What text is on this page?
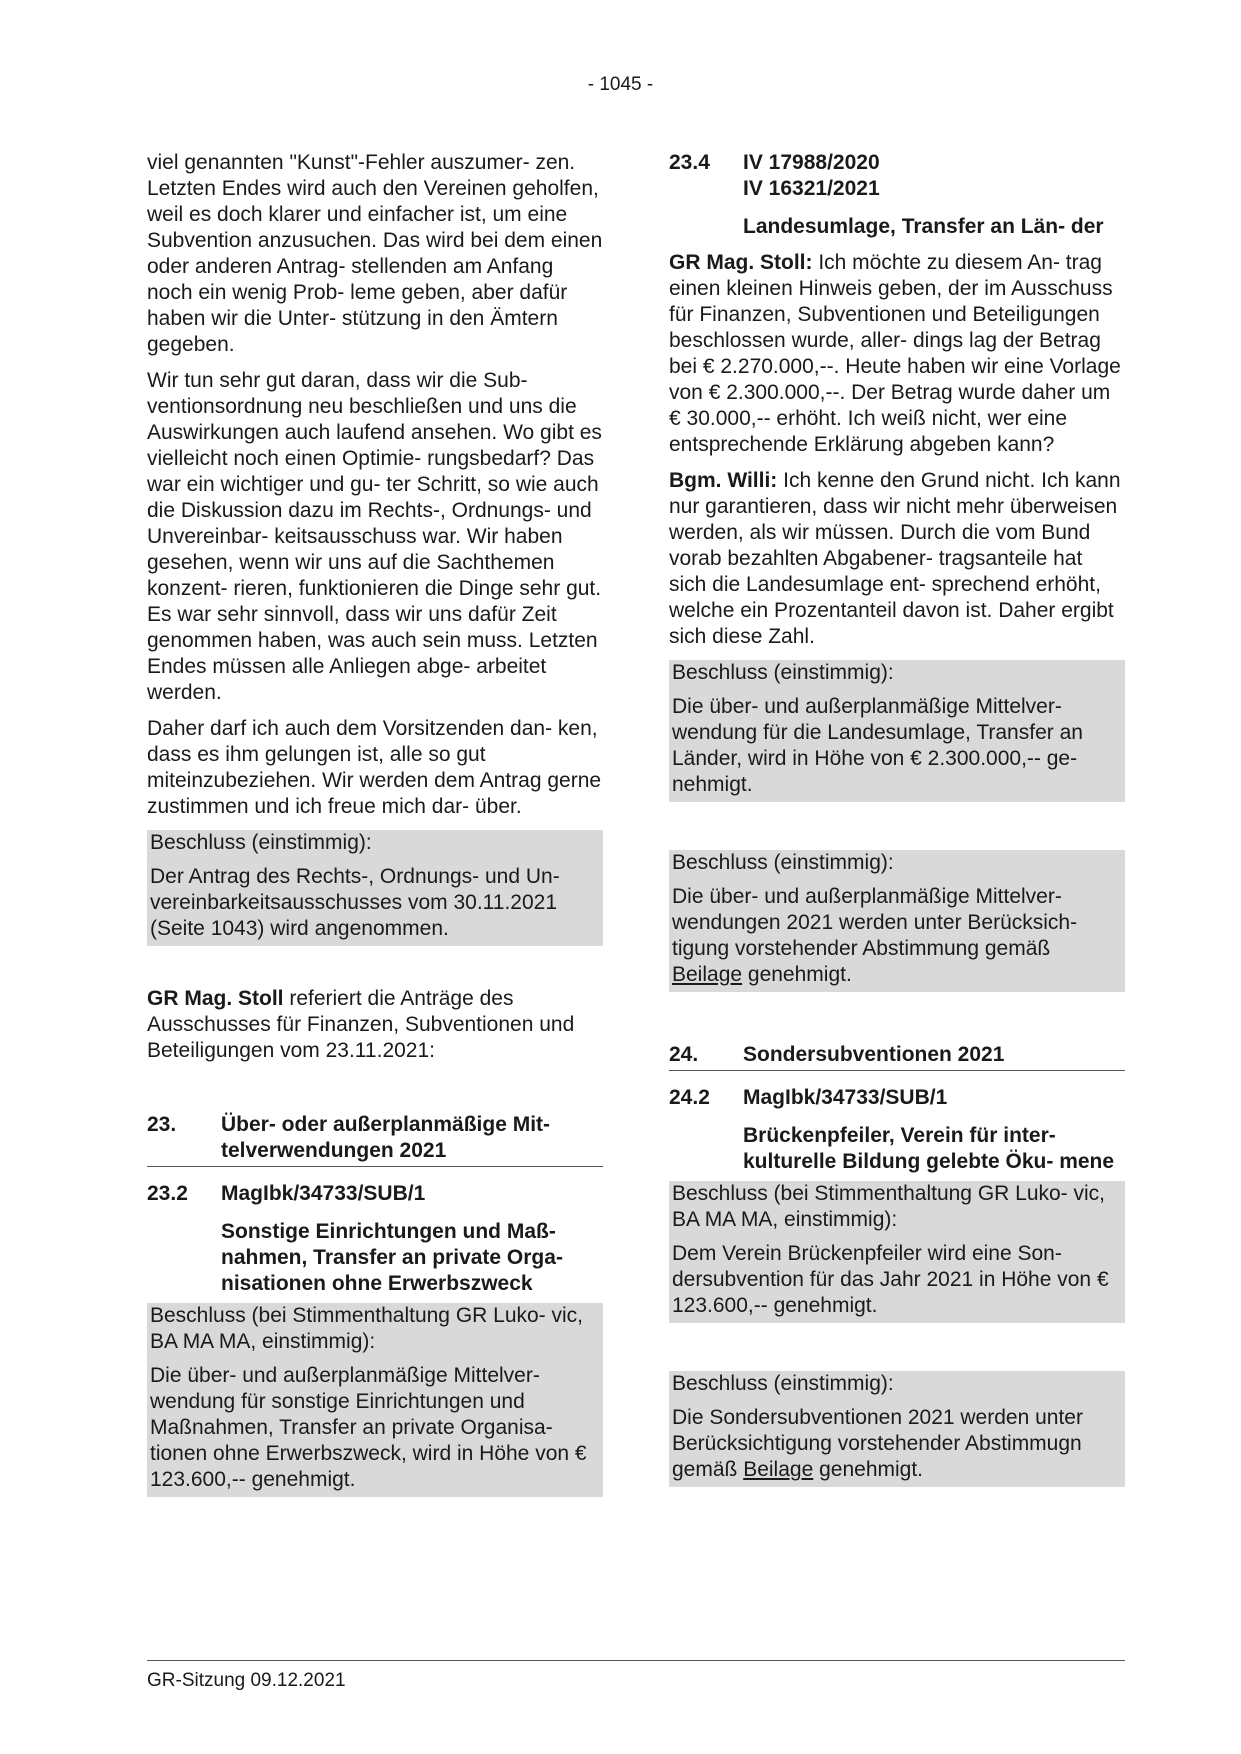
- 1045 -

viel genannten "Kunst"-Fehler auszumer- zen. Letzten Endes wird auch den Vereinen geholfen, weil es doch klarer und einfacher ist, um eine Subvention anzusuchen. Das wird bei dem einen oder anderen Antrag- stellenden am Anfang noch ein wenig Prob- leme geben, aber dafür haben wir die Unter- stützung in den Ämtern gegeben.

Wir tun sehr gut daran, dass wir die Sub- ventionsordnung neu beschließen und uns die Auswirkungen auch laufend ansehen. Wo gibt es vielleicht noch einen Optimie- rungsbedarf? Das war ein wichtiger und gu- ter Schritt, so wie auch die Diskussion dazu im Rechts-, Ordnungs- und Unvereinbar- keitsausschuss war. Wir haben gesehen, wenn wir uns auf die Sachthemen konzent- rieren, funktionieren die Dinge sehr gut. Es war sehr sinnvoll, dass wir uns dafür Zeit genommen haben, was auch sein muss. Letzten Endes müssen alle Anliegen abge- arbeitet werden.

Daher darf ich auch dem Vorsitzenden dan- ken, dass es ihm gelungen ist, alle so gut miteinzubeziehen. Wir werden dem Antrag gerne zustimmen und ich freue mich dar- über.

Beschluss (einstimmig):
Der Antrag des Rechts-, Ordnungs- und Un- vereinbarkeitsausschusses vom 30.11.2021 (Seite 1043) wird angenommen.

GR Mag. Stoll referiert die Anträge des Ausschusses für Finanzen, Subventionen und Beteiligungen vom 23.11.2021:

23.	Über- oder außerplanmäßige Mit- telverwendungen 2021
23.2	MagIbk/34733/SUB/1
Sonstige Einrichtungen und Maß- nahmen, Transfer an private Orga- nisationen ohne Erwerbszweck
Beschluss (bei Stimmenthaltung GR Luko- vic, BA MA MA, einstimmig):
Die über- und außerplanmäßige Mittelver- wendung für sonstige Einrichtungen und Maßnahmen, Transfer an private Organisa- tionen ohne Erwerbszweck, wird in Höhe von € 123.600,-- genehmigt.
23.4	IV 17988/2020
IV 16321/2021
Landesumlage, Transfer an Län- der

GR Mag. Stoll: Ich möchte zu diesem An- trag einen kleinen Hinweis geben, der im Ausschuss für Finanzen, Subventionen und Beteiligungen beschlossen wurde, aller- dings lag der Betrag bei € 2.270.000,--. Heute haben wir eine Vorlage von € 2.300.000,--. Der Betrag wurde daher um € 30.000,-- erhöht. Ich weiß nicht, wer eine entsprechende Erklärung abgeben kann?

Bgm. Willi: Ich kenne den Grund nicht. Ich kann nur garantieren, dass wir nicht mehr überweisen werden, als wir müssen. Durch die vom Bund vorab bezahlten Abgabener- tragsanteile hat sich die Landesumlage ent- sprechend erhöht, welche ein Prozentanteil davon ist. Daher ergibt sich diese Zahl.

Beschluss (einstimmig):
Die über- und außerplanmäßige Mittelver- wendung für die Landesumlage, Transfer an Länder, wird in Höhe von € 2.300.000,-- ge- nehmigt.
Beschluss (einstimmig):
Die über- und außerplanmäßige Mittelver- wendungen 2021 werden unter Berücksich- tigung vorstehender Abstimmung gemäß Beilage genehmigt.
24.	Sondersubventionen 2021
24.2	MagIbk/34733/SUB/1
Brückenpfeiler, Verein für inter- kulturelle Bildung gelebte Öku- mene
Beschluss (bei Stimmenthaltung GR Luko- vic, BA MA MA, einstimmig):
Dem Verein Brückenpfeiler wird eine Son- dersubvention für das Jahr 2021 in Höhe von € 123.600,-- genehmigt.
Beschluss (einstimmig):
Die Sondersubventionen 2021 werden unter Berücksichtigung vorstehender Abstimmugn gemäß Beilage genehmigt.
GR-Sitzung 09.12.2021
